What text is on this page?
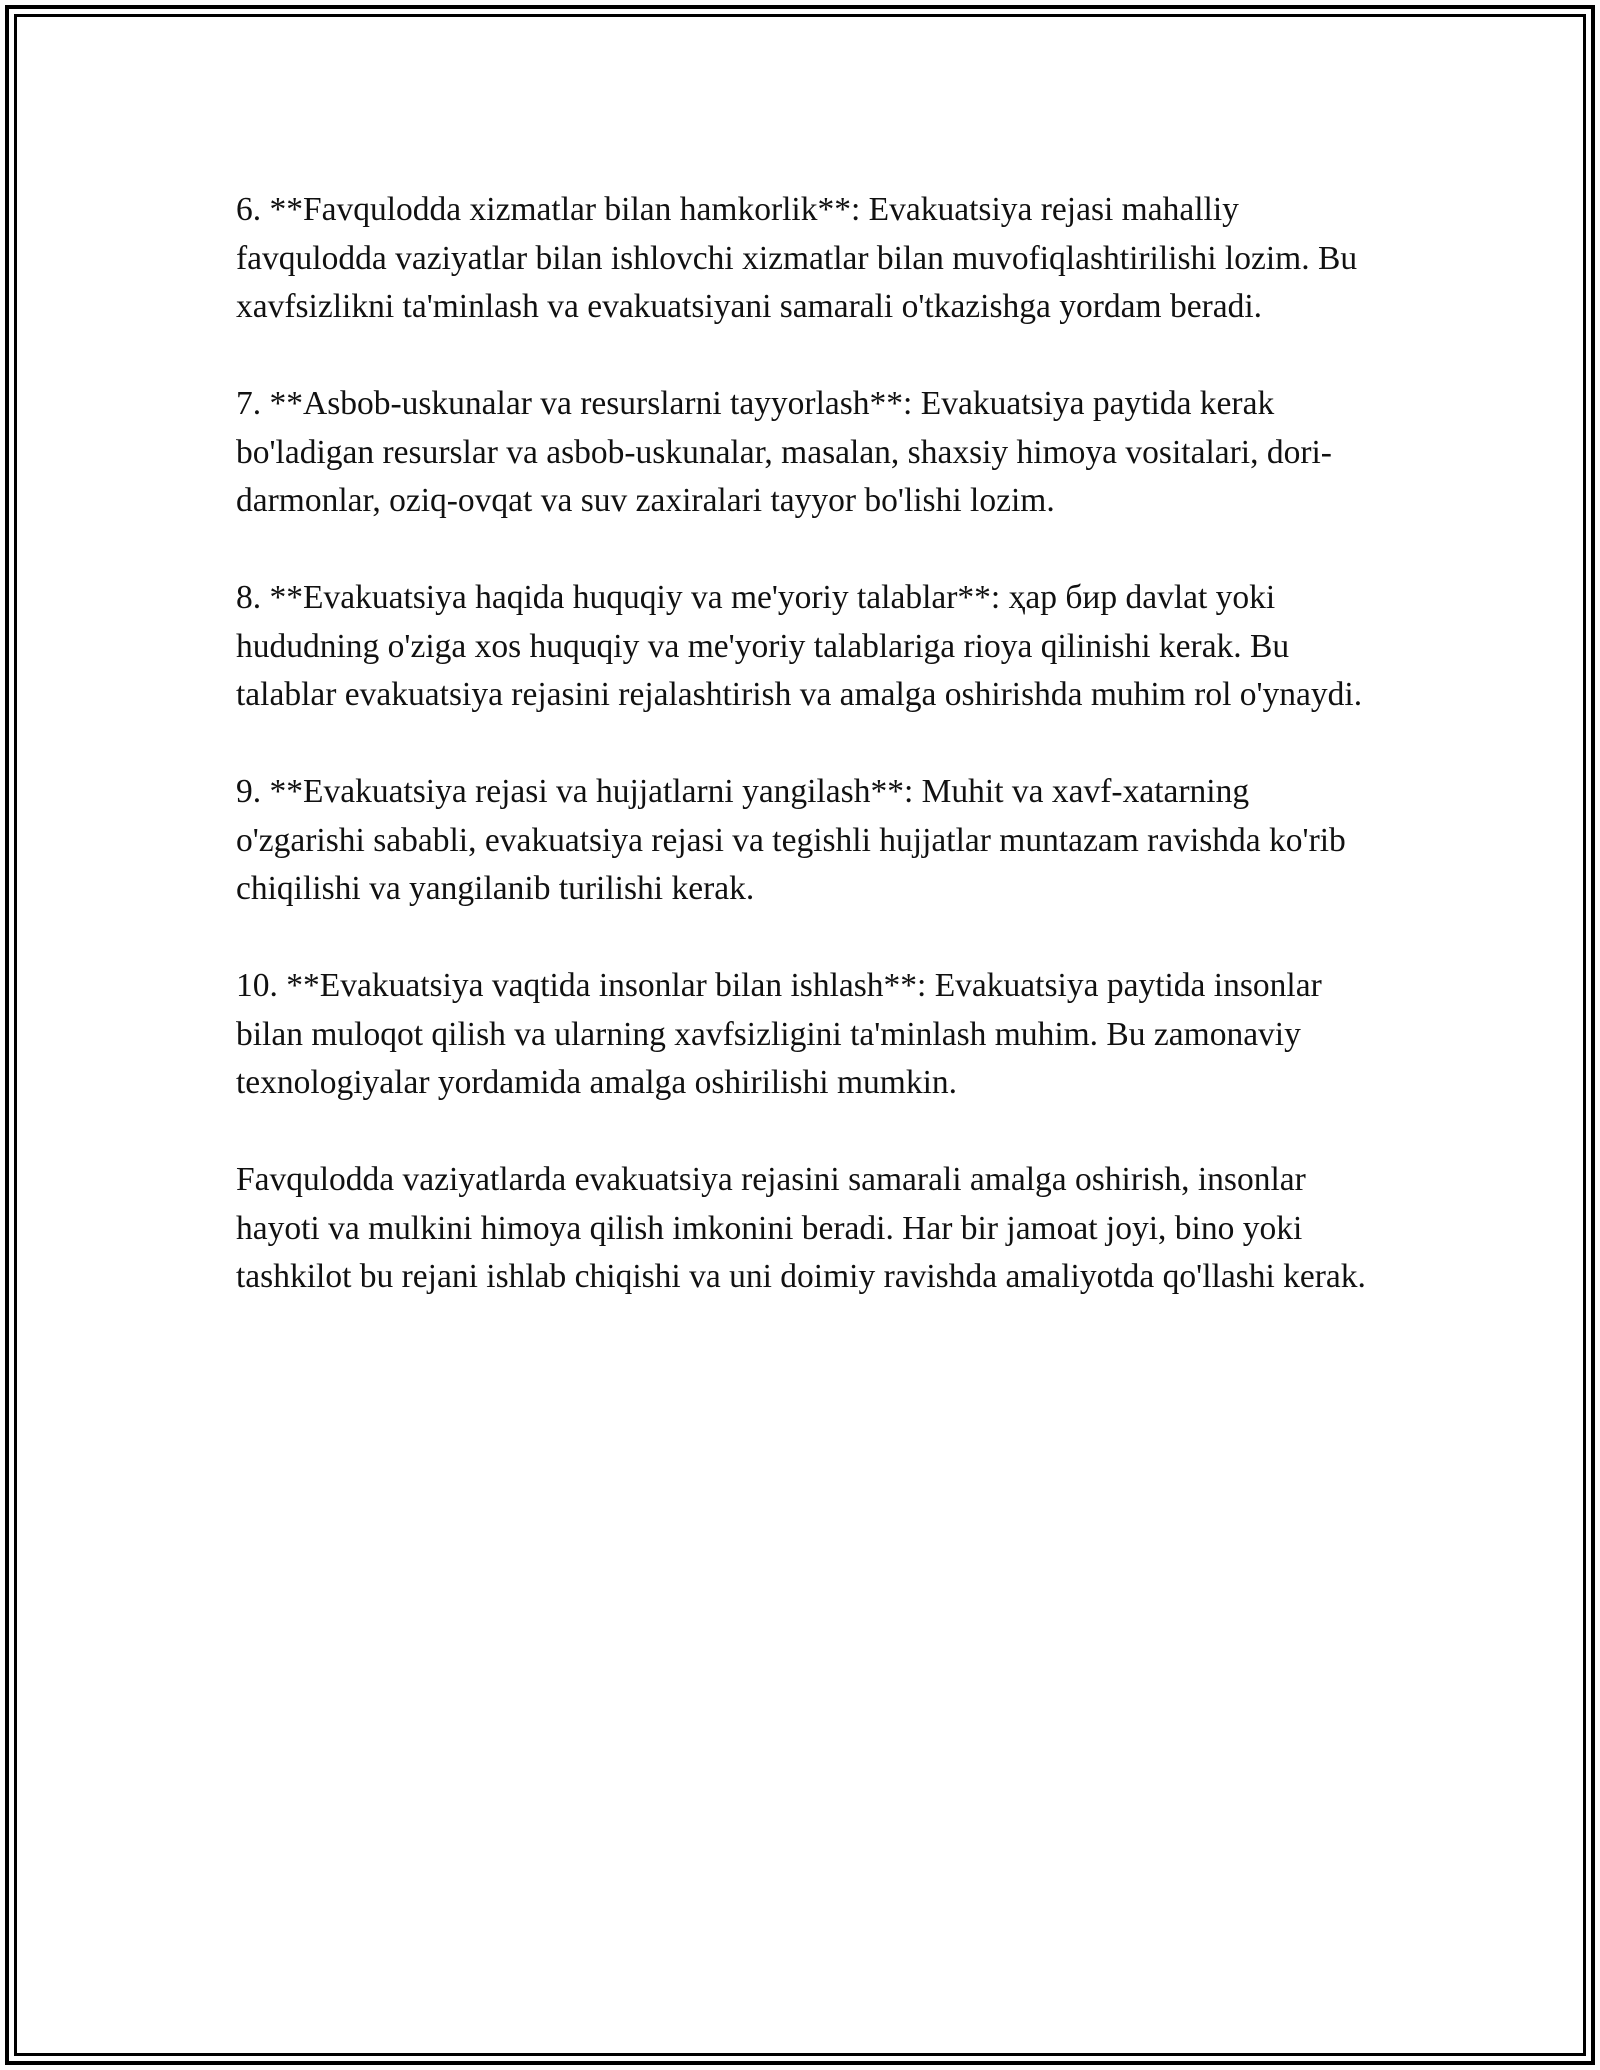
6. **Favqulodda xizmatlar bilan hamkorlik**: Evakuatsiya rejasi mahalliy favqulodda vaziyatlar bilan ishlovchi xizmatlar bilan muvofiqlashtirilishi lozim. Bu xavfsizlikni ta'minlash va evakuatsiyani samarali o'tkazishga yordam beradi.

7. **Asbob-uskunalar va resurslarni tayyorlash**: Evakuatsiya paytida kerak bo'ladigan resurslar va asbob-uskunalar, masalan, shaxsiy himoya vositalari, dori-darmonlar, oziq-ovqat va suv zaxiralari tayyor bo'lishi lozim.

8. **Evakuatsiya haqida huquqiy va me'yoriy talablar**: ҳар бир davlat yoki hududning o'ziga xos huquqiy va me'yoriy talablariga rioya qilinishi kerak. Bu talablar evakuatsiya rejasini rejalashtirish va amalga oshirishda muhim rol o'ynaydi.

9. **Evakuatsiya rejasi va hujjatlarni yangilash**: Muhit va xavf-xatarning o'zgarishi sababli, evakuatsiya rejasi va tegishli hujjatlar muntazam ravishda ko'rib chiqilishi va yangilanib turilishi kerak.

10. **Evakuatsiya vaqtida insonlar bilan ishlash**: Evakuatsiya paytida insonlar bilan muloqot qilish va ularning xavfsizligini ta'minlash muhim. Bu zamonaviy texnologiyalar yordamida amalga oshirilishi mumkin.

Favqulodda vaziyatlarda evakuatsiya rejasini samarali amalga oshirish, insonlar hayoti va mulkini himoya qilish imkonini beradi. Har bir jamoat joyi, bino yoki tashkilot bu rejani ishlab chiqishi va uni doimiy ravishda amaliyotda qo'llashi kerak.
